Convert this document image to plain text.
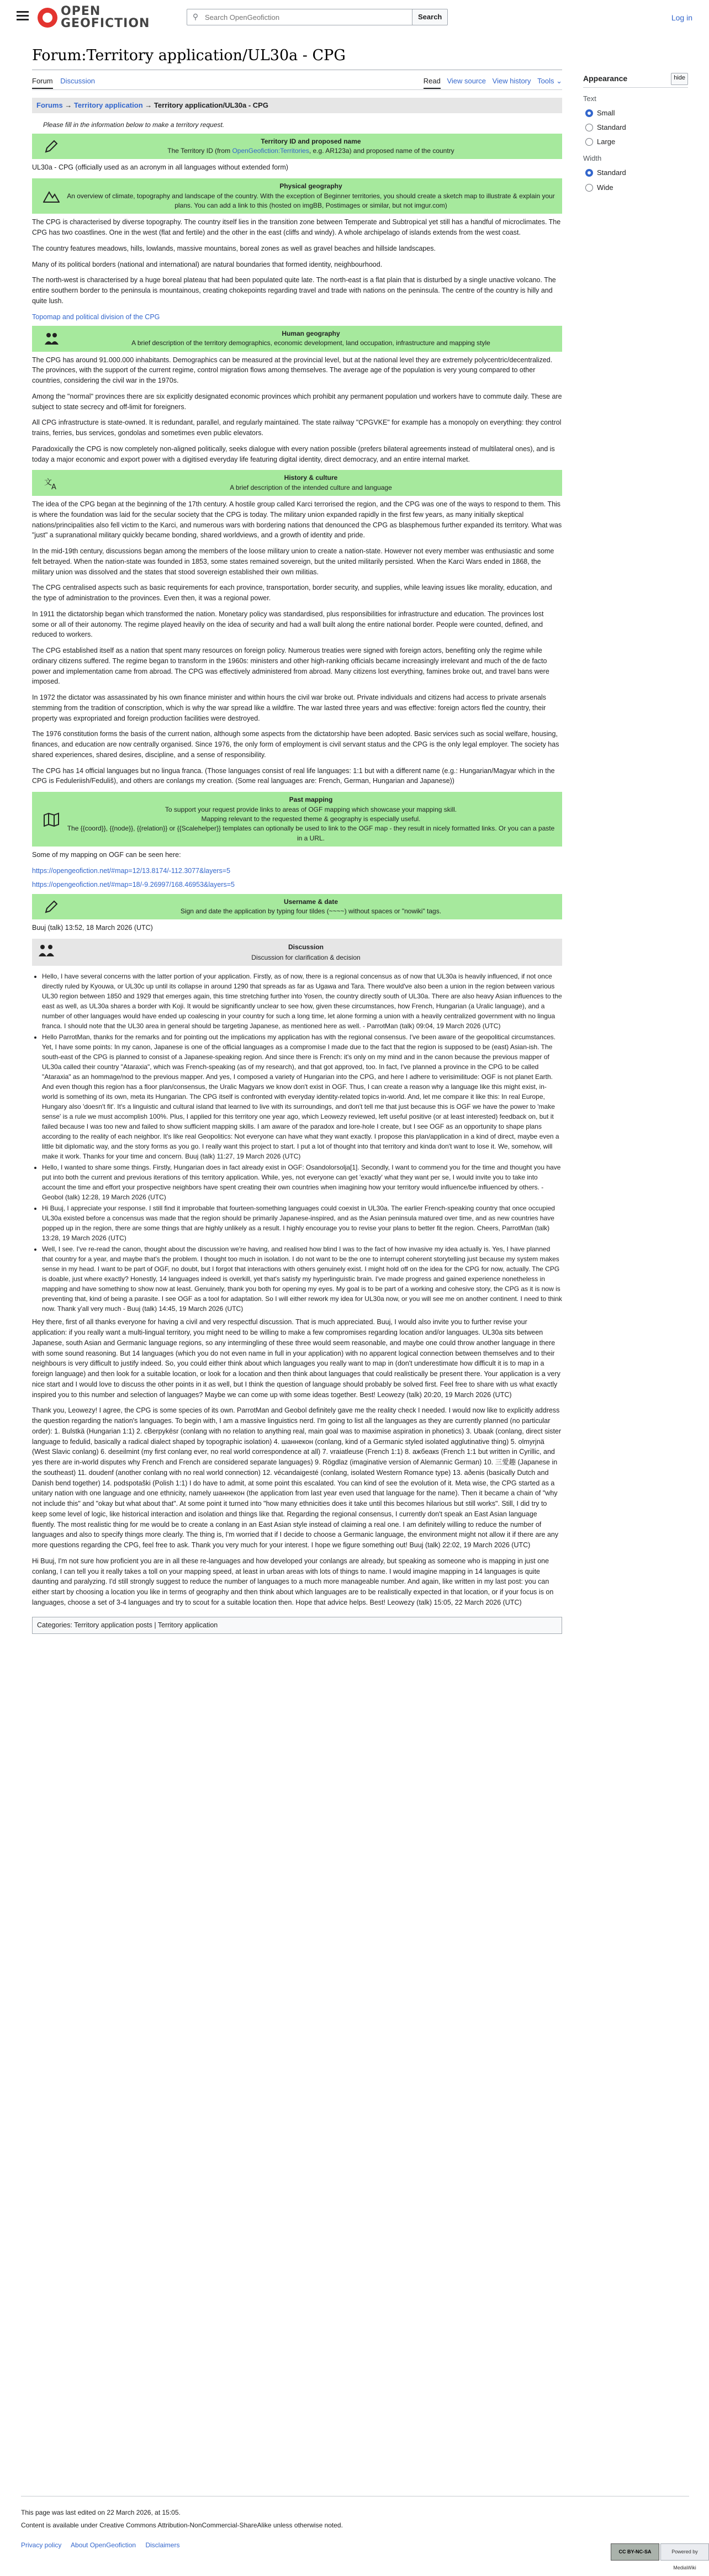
OPEN
GEOFICTION	⚲
Search OpenGeofiction	Search	Log in
Forum:Territory application/UL30a - CPG
Forum Discussion	Read View source View history Tools ⌄
Forums → Territory application → Territory application/UL30a - CPG
Please fill in the information below to make a territory request.
Territory ID and proposed name
The Territory ID (from OpenGeofiction:Territories, e.g. AR123a) and proposed name of the country

UL30a - CPG (officially used as an acronym in all languages without extended form)

Physical geography
An overview of climate, topography and landscape of the country. With the exception of Beginner territories, you should create a sketch map to illustrate & explain your plans. You can add a link to this (hosted on imgBB, Postimages or similar, but not imgur.com)

The CPG is characterised by diverse topography. The country itself lies in the transition zone between Temperate and Subtropical yet still has a handful of microclimates. The CPG has two coastlines. One in the west (flat and fertile) and the other in the east (cliffs and windy). A whole archipelago of islands extends from the west coast.

The country features meadows, hills, lowlands, massive mountains, boreal zones as well as gravel beaches and hillside landscapes.

Many of its political borders (national and international) are natural boundaries that formed identity, neighbourhood.

The north-west is characterised by a huge boreal plateau that had been populated quite late. The north-east is a flat plain that is disturbed by a single unactive volcano. The entire southern border to the peninsula is mountainous, creating chokepoints regarding travel and trade with nations on the peninsula. The centre of the country is hilly and quite lush.

Topomap and political division of the CPG
Human geography
A brief description of the territory demographics, economic development, land occupation, infrastructure and mapping style

The CPG has around 91.000.000 inhabitants. Demographics can be measured at the provincial level, but at the national level they are extremely polycentric/decentralized. The provinces, with the support of the current regime, control migration flows among themselves. The average age of the population is very young compared to other countries, considering the civil war in the 1970s.

Among the "normal" provinces there are six explicitly designated economic provinces which prohibit any permanent population und workers have to commute daily. These are subject to state secrecy and off-limit for foreigners.

All CPG infrastructure is state-owned. It is redundant, parallel, and regularly maintained. The state railway "CPGVKE" for example has a monopoly on everything: they control trains, ferries, bus services, gondolas and sometimes even public elevators.

Paradoxically the CPG is now completely non-aligned politically, seeks dialogue with every nation possible (prefers bilateral agreements instead of multilateral ones), and is today a major economic and export power with a digitised everyday life featuring digital identity, direct democracy, and an entire internal market.

文
A
History & culture
A brief description of the intended culture and language

The idea of the CPG began at the beginning of the 17th century. A hostile group called Karci terrorised the region, and the CPG was one of the ways to respond to them. This is where the foundation was laid for the secular society that the CPG is today. The military union expanded rapidly in the first few years, as many initially skeptical nations/principalities also fell victim to the Karci, and numerous wars with bordering nations that denounced the CPG as blasphemous further expanded its territory. What was "just" a supranational military quickly became bonding, shared worldviews, and a growth of identity and pride.

In the mid-19th century, discussions began among the members of the loose military union to create a nation-state. However not every member was enthusiastic and some felt betrayed. When the nation-state was founded in 1853, some states remained sovereign, but the united militarily persisted. When the Karci Wars ended in 1868, the military union was dissolved and the states that stood sovereign established their own militias.

The CPG centralised aspects such as basic requirements for each province, transportation, border security, and supplies, while leaving issues like morality, education, and the type of administration to the provinces. Even then, it was a regional power.

In 1911 the dictatorship began which transformed the nation. Monetary policy was standardised, plus responsibilities for infrastructure and education. The provinces lost some or all of their autonomy. The regime played heavily on the idea of security and had a wall built along the entire national border. People were counted, defined, and reduced to workers.

The CPG established itself as a nation that spent many resources on foreign policy. Numerous treaties were signed with foreign actors, benefiting only the regime while ordinary citizens suffered. The regime began to transform in the 1960s: ministers and other high-ranking officials became increasingly irrelevant and much of the de facto power and implementation came from abroad. The CPG was effectively administered from abroad. Many citizens lost everything, famines broke out, and travel bans were imposed.

In 1972 the dictator was assassinated by his own finance minister and within hours the civil war broke out. Private individuals and citizens had access to private arsenals stemming from the tradition of conscription, which is why the war spread like a wildfire. The war lasted three years and was effective: foreign actors fled the country, their property was expropriated and foreign production facilities were destroyed.

The 1976 constitution forms the basis of the current nation, although some aspects from the dictatorship have been adopted. Basic services such as social welfare, housing, finances, and education are now centrally organised. Since 1976, the only form of employment is civil servant status and the CPG is the only legal employer. The society has shared experiences, shared desires, discipline, and a sense of responsibility.

The CPG has 14 official languages but no lingua franca. (Those languages consist of real life languages: 1:1 but with a different name (e.g.: Hungarian/Magyar which in the CPG is Feduleriish/Feduliš), and others are conlangs my creation. (Some real languages are: French, German, Hungarian and Japanese))

Past mapping
To support your request provide links to areas of OGF mapping which showcase your mapping skill.
Mapping relevant to the requested theme & geography is especially useful.
The {{coord}}, {{node}}, {{relation}} or {{Scalehelper}} templates can optionally be used to link to the OGF map - they result in nicely formatted links. Or you can a paste in a URL.

Some of my mapping on OGF can be seen here:

https://opengeofiction.net/#map=12/13.8174/-112.3077&layers=5
https://opengeofiction.net/#map=18/-9.26997/168.46953&layers=5
Username & date
Sign and date the application by typing four tildes (~~~~) without spaces or "nowiki" tags.

Buuj (talk) 13:52, 18 March 2026 (UTC)

Discussion
Discussion for clarification & decision
• Hello, I have several concerns with the latter portion of your application. Firstly, as of now, there is a regional concensus as of now that UL30a is heavily influenced, if not once directly ruled by Kyouwa, or UL30c up until its collapse in around 1290 that spreads as far as Ugawa and Tara. There would've also been a union in the region between various UL30 region between 1850 and 1929 that emerges again, this time stretching further into Yosen, the country directly south of UL30a. There are also heavy Asian influences to the east as well, as UL30a shares a border with Koji. It would be significantly unclear to see how, given these circumstances, how French, Hungarian (a Uralic language), and a number of other languages would have ended up coalescing in your country for such a long time, let alone forming a union with a heavily centralized government with no lingua franca. I should note that the UL30 area in general should be targeting Japanese, as mentioned here as well. - ParrotMan (talk) 09:04, 19 March 2026 (UTC)
• Hello ParrotMan, thanks for the remarks and for pointing out the implications my application has with the regional consensus. I've been aware of the geopolitical circumstances. Yet, I have some points: In my canon, Japanese is one of the official languages as a compromise I made due to the fact that the region is supposed to be (east) Asian-ish. The south-east of the CPG is planned to consist of a Japanese-speaking region. And since there is French: it's only on my mind and in the canon because the previous mapper of UL30a called their country "Ataraxia", which was French-speaking (as of my research), and that got approved, too. In fact, I've planned a province in the CPG to be called "Ataraxia" as an hommage/nod to the previous mapper. And yes, I composed a variety of Hungarian into the CPG, and here I adhere to verisimilitude: OGF is not planet Earth. And even though this region has a floor plan/consensus, the Uralic Magyars we know don't exist in OGF. Thus, I can create a reason why a language like this might exist, in-world is something of its own, meta its Hungarian. The CPG itself is confronted with everyday identity-related topics in-world. And, let me compare it like this: In real Europe, Hungary also 'doesn't fit'. It's a linguistic and cultural island that learned to live with its surroundings, and don't tell me that just because this is OGF we have the power to 'make sense' is a rule we must accomplish 100%. Plus, I applied for this territory one year ago, which Leowezy reviewed, left useful positive (or at least interested) feedback on, but it failed because I was too new and failed to show sufficient mapping skills. I am aware of the paradox and lore-hole I create, but I see OGF as an opportunity to shape plans according to the reality of each neighbor. It's like real Geopolitics: Not everyone can have what they want exactly. I propose this plan/application in a kind of direct, maybe even a little bit diplomatic way, and the story forms as you go. I really want this project to start. I put a lot of thought into that territory and kinda don't want to lose it. We, somehow, will make it work. Thanks for your time and concern. Buuj (talk) 11:27, 19 March 2026 (UTC)
• Hello, I wanted to share some things. Firstly, Hungarian does in fact already exist in OGF: Osandolorsolja[1]. Secondly, I want to commend you for the time and thought you have put into both the current and previous iterations of this territory application. While, yes, not everyone can get 'exactly' what they want per se, I would invite you to take into account the time and effort your prospective neighbors have spent creating their own countries when imagining how your territory would influence/be influenced by others. - Geobol (talk) 12:28, 19 March 2026 (UTC)
• Hi Buuj, I appreciate your response. I still find it improbable that fourteen-something languages could coexist in UL30a. The earlier French-speaking country that once occupied UL30a existed before a concensus was made that the region should be primarily Japanese-inspired, and as the Asian peninsula matured over time, and as new countries have popped up in the region, there are some things that are highly unlikely as a result. I highly encourage you to revise your plans to better fit the region. Cheers, ParrotMan (talk) 13:28, 19 March 2026 (UTC)
• Well, I see. I've re-read the canon, thought about the discussion we're having, and realised how blind I was to the fact of how invasive my idea actually is. Yes, I have planned that country for a year, and maybe that's the problem. I thought too much in isolation. I do not want to be the one to interrupt coherent storytelling just because my system makes sense in my head. I want to be part of OGF, no doubt, but I forgot that interactions with others genuinely exist. I might hold off on the idea for the CPG for now, actually. The CPG is doable, just where exactly? Honestly, 14 languages indeed is overkill, yet that's satisfy my hyperlinguistic brain. I've made progress and gained experience nonetheless in mapping and have something to show now at least. Genuinely, thank you both for opening my eyes. My goal is to be part of a working and cohesive story, the CPG as it is now is preventing that, kind of being a parasite. I see OGF as a tool for adaptation. So I will either rework my idea for UL30a now, or you will see me on another continent. I need to think now. Thank y'all very much - Buuj (talk) 14:45, 19 March 2026 (UTC)

Hey there, first of all thanks everyone for having a civil and very respectful discussion. That is much appreciated. Buuj, I would also invite you to further revise your application: if you really want a multi-lingual territory, you might need to be willing to make a few compromises regarding location and/or languages. UL30a sits between Japanese, south Asian and Germanic language regions, so any intermingling of these three would seem reasonable, and maybe one could throw another language in there with some sound reasoning. But 14 languages (which you do not even name in full in your application) with no apparent logical connection between themselves and to their neighbours is very difficult to justify indeed. So, you could either think about which languages you really want to map in (don't underestimate how difficult it is to map in a foreign language) and then look for a suitable location, or look for a location and then think about languages that could realistically be present there. Your application is a very nice start and I would love to discuss the other points in it as well, but I think the question of language should probably be solved first. Feel free to share with us what exactly inspired you to this number and selection of languages? Maybe we can come up with some ideas together. Best! Leowezy (talk) 20:20, 19 March 2026 (UTC)

Thank you, Leowezy! I agree, the CPG is some species of its own. ParrotMan and Geobol definitely gave me the reality check I needed. I would now like to explicitly address the question regarding the nation's languages. To begin with, I am a massive linguistics nerd. I'm going to list all the languages as they are currently planned (no particular order): 1. Bulstkä (Hungarian 1:1) 2. cBerpykësr (conlang with no relation to anything real, main goal was to maximise aspiration in phonetics) 3. Ubaak (conlang, direct sister language to fedulid, basically a radical dialect shaped by topographic isolation) 4. шаннекон (conlang, kind of a Germanic styled isolated agglutinative thing) 5. olmyrjnä (West Slavic conlang) 6. deseilmint (my first conlang ever, no real world correspondence at all) 7. vraiatleuse (French 1:1) 8. ажбеакs (French 1:1 but written in Cyrillic, and yes there are in-world disputes why French and French are considered separate languages) 9. Rögdlaz (imaginative version of Alemannic German) 10. 三愛趣 (Japanese in the southeast) 11. doudenf (another conlang with no real world connection) 12. vécandaigesté (conlang, isolated Western Romance type) 13. aðenis (basically Dutch and Danish bend together) 14. podspotaški (Polish 1:1) I do have to admit, at some point this escalated. You can kind of see the evolution of it. Meta wise, the CPG started as a unitary nation with one language and one ethnicity, namely шаннекон (the application from last year even used that language for the name). Then it became a chain of "why not include this" and "okay but what about that". At some point it turned into "how many ethnicities does it take until this becomes hilarious but still works". Still, I did try to keep some level of logic, like historical interaction and isolation and things like that. Regarding the regional consensus, I currently don't speak an East Asian language fluently. The most realistic thing for me would be to create a conlang in an East Asian style instead of claiming a real one. I am definitely willing to reduce the number of languages and also to specify things more clearly. The thing is, I'm worried that if I decide to choose a Germanic language, the environment might not allow it if there are any more questions regarding the CPG, feel free to ask. Thank you very much for your interest. I hope we figure something out! Buuj (talk) 22:02, 19 March 2026 (UTC)

Hi Buuj, I'm not sure how proficient you are in all these re-languages and how developed your conlangs are already, but speaking as someone who is mapping in just one conlang, I can tell you it really takes a toll on your mapping speed, at least in urban areas with lots of things to name. I would imagine mapping in 14 languages is quite daunting and paralyzing. I'd still strongly suggest to reduce the number of languages to a much more manageable number. And again, like written in my last post: you can either start by choosing a location you like in terms of geography and then think about which languages are to be realistically expected in that location, or if your focus is on languages, choose a set of 3-4 languages and try to scout for a suitable location then. Hope that advice helps. Best! Leowezy (talk) 15:05, 22 March 2026 (UTC)

Categories: Territory application posts | Territory application
Appearance	hide
Text
Small
Standard
Large
Width
Standard
Wide
This page was last edited on 22 March 2026, at 15:05.
Content is available under Creative Commons Attribution-NonCommercial-ShareAlike unless otherwise noted.
Privacy policy About OpenGeofiction Disclaimers
CC BY-NC-SA	Powered by MediaWiki
